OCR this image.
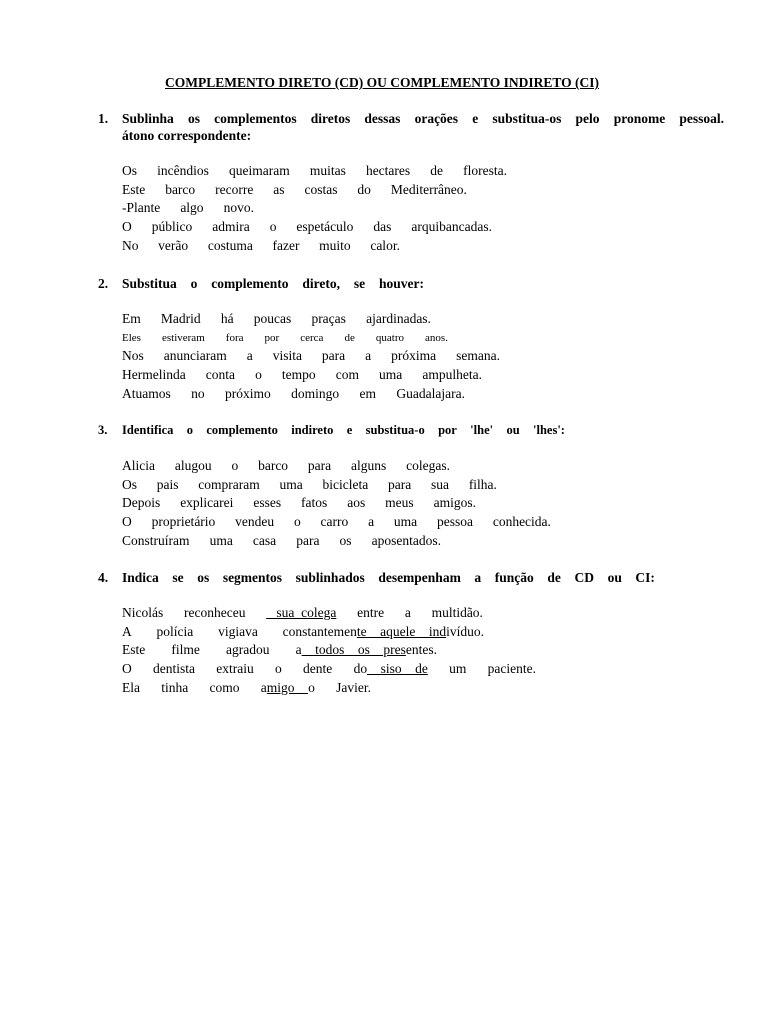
COMPLEMENTO DIRETO (CD) OU COMPLEMENTO INDIRETO (CI)
1.	Sublinha os complementos diretos dessas orações e substitua-os pelo pronome pessoal.
átono correspondente:
Os incêndios queimaram muitas hectares de floresta.
Este barco recorre as costas do Mediterrâneo.
-Plante algo novo.
O público admira o espetáculo das arquibancadas.
No verão costuma fazer muito calor.
2.	Substitua o complemento direto, se houver:
Em Madrid há poucas praças ajardinadas.
Eles estiveram fora por cerca de quatro anos.
Nos anunciaram a visita para a próxima semana.
Hermelinda conta o tempo com uma ampulheta.
Atuamos no próximo domingo em Guadalajara.
3.	Identifica o complemento indireto e substitua-o por 'lhe' ou 'lhes':
Alicia alugou o barco para alguns colegas.
Os pais compraram uma bicicleta para sua filha.
Depois explicarei esses fatos aos meus amigos.
O proprietário vendeu o carro a uma pessoa conhecida.
Construíram uma casa para os aposentados.
4.	Indica se os segmentos sublinhados desempenham a função de CD ou CI:
Nicolás reconheceu sua  colega entre a multidão.
A polícia vigiava constantemente    aquele    indivíduo.
Este filme agradou a    todos    os    presentes.
O dentista extraiu o dente do    siso    de um paciente.
Ela tinha como amigo    o Javier.
